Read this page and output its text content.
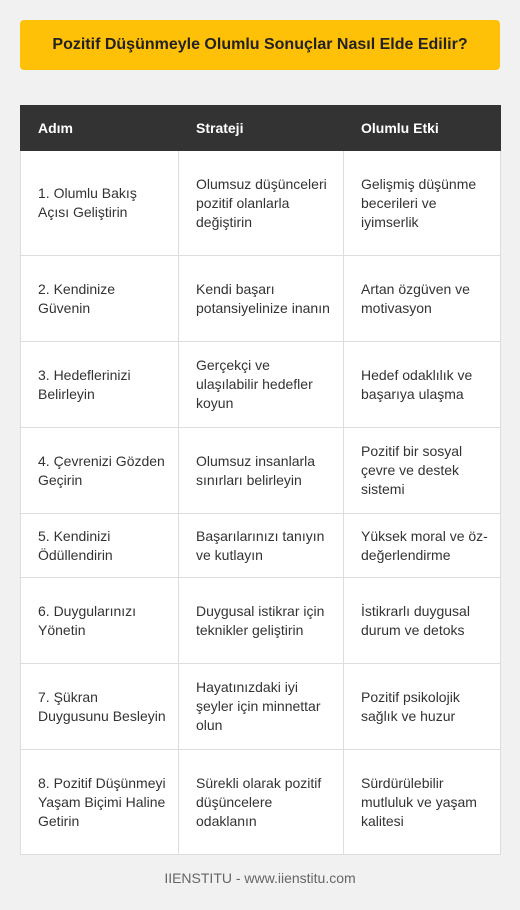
Pozitif Düşünmeyle Olumlu Sonuçlar Nasıl Elde Edilir?
Adım	Strateji	Olumlu Etki
1. Olumlu Bakış Açısı Geliştirin	Olumsuz düşünceleri pozitif olanlarla değiştirin	Gelişmiş düşünme becerileri ve iyimserlik
2. Kendinize Güvenin	Kendi başarı potansiyelinize inanın	Artan özgüven ve motivasyon
3. Hedeflerinizi Belirleyin	Gerçekçi ve ulaşılabilir hedefler koyun	Hedef odaklılık ve başarıya ulaşma
4. Çevrenizi Gözden Geçirin	Olumsuz insanlarla sınırları belirleyin	Pozitif bir sosyal çevre ve destek sistemi
5. Kendinizi Ödüllendirin	Başarılarınızı tanıyın ve kutlayın	Yüksek moral ve öz-değerlendirme
6. Duygularınızı Yönetin	Duygusal istikrar için teknikler geliştirin	İstikrarlı duygusal durum ve detoks
7. Şükran Duygusunu Besleyin	Hayatınızdaki iyi şeyler için minnettar olun	Pozitif psikolojik sağlık ve huzur
8. Pozitif Düşünmeyi Yaşam Biçimi Haline Getirin	Sürekli olarak pozitif düşüncelere odaklanın	Sürdürülebilir mutluluk ve yaşam kalitesi
IIENSTITU - www.iienstitu.com
